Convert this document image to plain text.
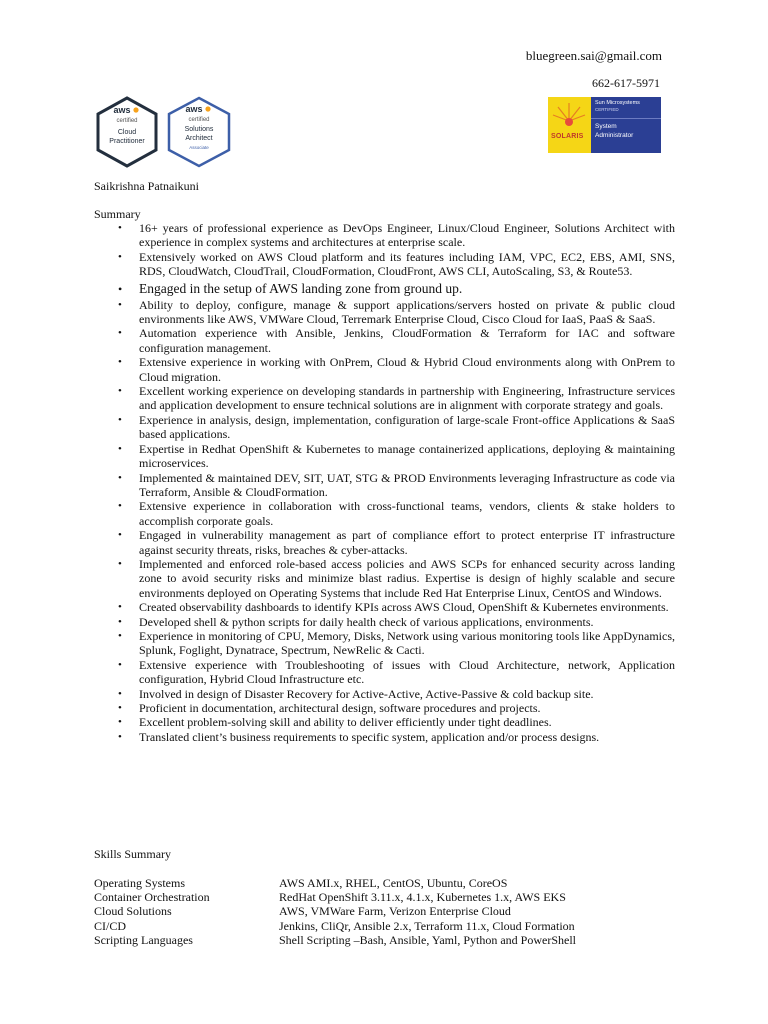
bluegreen.sai@gmail.com
662-617-5971
aws
certified
Cloud
Practitioner
aws
certified
Solutions
Architect
Associate
SOLARIS
Sun Microsystems
CERTIFIED
System
Administrator
Saikrishna Patnaikuni
Summary
• 16+ years of professional experience as DevOps Engineer, Linux/Cloud Engineer, Solutions Architect with experience in complex systems and architectures at enterprise scale.
• Extensively worked on AWS Cloud platform and its features including IAM, VPC, EC2, EBS, AMI, SNS, RDS, CloudWatch, CloudTrail, CloudFormation, CloudFront, AWS CLI, AutoScaling, S3, & Route53.
• Engaged in the setup of AWS landing zone from ground up.
• Ability to deploy, configure, manage & support applications/servers hosted on private & public cloud environments like AWS, VMWare Cloud, Terremark Enterprise Cloud, Cisco Cloud for IaaS, PaaS & SaaS.
• Automation experience with Ansible, Jenkins, CloudFormation & Terraform for IAC and software configuration management.
• Extensive experience in working with OnPrem, Cloud & Hybrid Cloud environments along with OnPrem to Cloud migration.
• Excellent working experience on developing standards in partnership with Engineering, Infrastructure services and application development to ensure technical solutions are in alignment with corporate strategy and goals.
• Experience in analysis, design, implementation, configuration of large-scale Front-office Applications & SaaS based applications.
• Expertise in Redhat OpenShift & Kubernetes to manage containerized applications, deploying & maintaining microservices.
• Implemented & maintained DEV, SIT, UAT, STG & PROD Environments leveraging Infrastructure as code via Terraform, Ansible & CloudFormation.
• Extensive experience in collaboration with cross-functional teams, vendors, clients & stake holders to accomplish corporate goals.
• Engaged in vulnerability management as part of compliance effort to protect enterprise IT infrastructure against security threats, risks, breaches & cyber-attacks.
• Implemented and enforced role-based access policies and AWS SCPs for enhanced security across landing zone to avoid security risks and minimize blast radius. Expertise is design of highly scalable and secure environments deployed on Operating Systems that include Red Hat Enterprise Linux, CentOS and Windows.
• Created observability dashboards to identify KPIs across AWS Cloud, OpenShift & Kubernetes environments.
• Developed shell & python scripts for daily health check of various applications, environments.
• Experience in monitoring of CPU, Memory, Disks, Network using various monitoring tools like AppDynamics, Splunk, Foglight, Dynatrace, Spectrum, NewRelic & Cacti.
• Extensive experience with Troubleshooting of issues with Cloud Architecture, network, Application configuration, Hybrid Cloud Infrastructure etc.
• Involved in design of Disaster Recovery for Active-Active, Active-Passive & cold backup site.
• Proficient in documentation, architectural design, software procedures and projects.
• Excellent problem-solving skill and ability to deliver efficiently under tight deadlines.
• Translated client’s business requirements to specific system, application and/or process designs.
Skills Summary
Operating Systems	AWS AMI.x, RHEL, CentOS, Ubuntu, CoreOS
Container Orchestration	RedHat OpenShift 3.11.x, 4.1.x, Kubernetes 1.x, AWS EKS
Cloud Solutions	AWS, VMWare Farm, Verizon Enterprise Cloud
CI/CD	Jenkins, CliQr, Ansible 2.x, Terraform 11.x, Cloud Formation
Scripting Languages	Shell Scripting –Bash, Ansible, Yaml, Python and PowerShell
